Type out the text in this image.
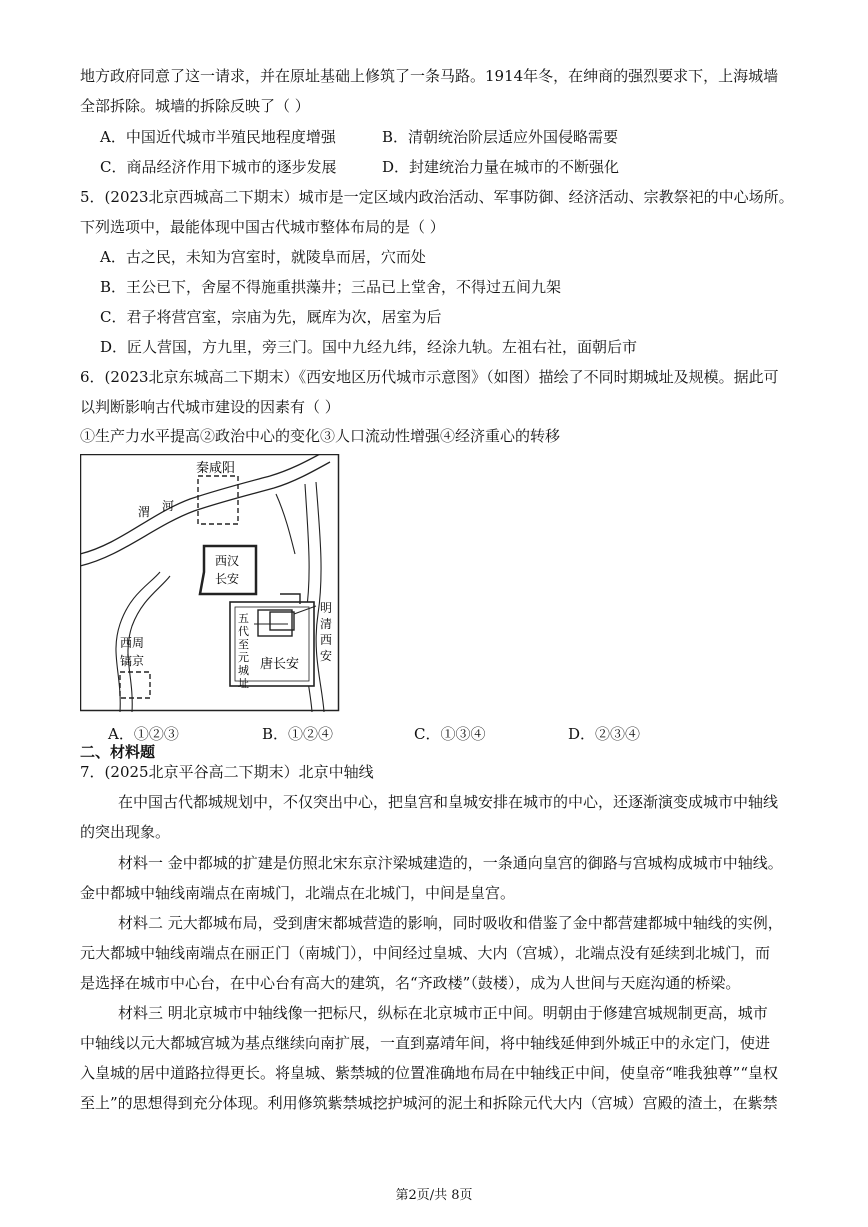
地方政府同意了这一请求，并在原址基础上修筑了一条马路。1914年冬，在绅商的强烈要求下，上海城墙
全部拆除。城墙的拆除反映了（ ）
A．中国近代城市半殖民地程度增强	B．清朝统治阶层适应外国侵略需要
C．商品经济作用下城市的逐步发展	D．封建统治力量在城市的不断强化
5．(2023北京西城高二下期末）城市是一定区域内政治活动、军事防御、经济活动、宗教祭祀的中心场所。
下列选项中，最能体现中国古代城市整体布局的是（ ）
A．古之民，未知为宫室时，就陵阜而居，穴而处
B．王公已下，舍屋不得施重拱藻井；三品已上堂舍，不得过五间九架
C．君子将营宫室，宗庙为先，厩库为次，居室为后
D．匠人营国，方九里，旁三门。国中九经九纬，经涂九轨。左祖右社，面朝后市
6．(2023北京东城高二下期末）《西安地区历代城市示意图》（如图）描绘了不同时期城址及规模。据此可
以判断影响古代城市建设的因素有（ ）
①生产力水平提高②政治中心的变化③人口流动性增强④经济重心的转移
秦咸阳
渭 河
西汉
长安
唐长安
五
代
至
元
城
址
明
清
西
安
西周
镐京
A．①②③	B．①②④	C．①③④	D．②③④
二、材料题
7．(2025北京平谷高二下期末）北京中轴线
在中国古代都城规划中，不仅突出中心，把皇宫和皇城安排在城市的中心，还逐渐演变成城市中轴线
的突出现象。
材料一 金中都城的扩建是仿照北宋东京汴梁城建造的，一条通向皇宫的御路与宫城构成城市中轴线。
金中都城中轴线南端点在南城门，北端点在北城门，中间是皇宫。
材料二 元大都城布局，受到唐宋都城营造的影响，同时吸收和借鉴了金中都营建都城中轴线的实例，
元大都城中轴线南端点在丽正门（南城门），中间经过皇城、大内（宫城），北端点没有延续到北城门，而
是选择在城市中心台，在中心台有高大的建筑，名“齐政楼”（鼓楼），成为人世间与天庭沟通的桥梁。
材料三 明北京城市中轴线像一把标尺，纵标在北京城市正中间。明朝由于修建宫城规制更高，城市
中轴线以元大都城宫城为基点继续向南扩展，一直到嘉靖年间，将中轴线延伸到外城正中的永定门，使进
入皇城的居中道路拉得更长。将皇城、紫禁城的位置准确地布局在中轴线正中间，使皇帝“唯我独尊”“皇权
至上”的思想得到充分体现。利用修筑紫禁城挖护城河的泥土和拆除元代大内（宫城）宫殿的渣土，在紫禁
第2页/共 8页
